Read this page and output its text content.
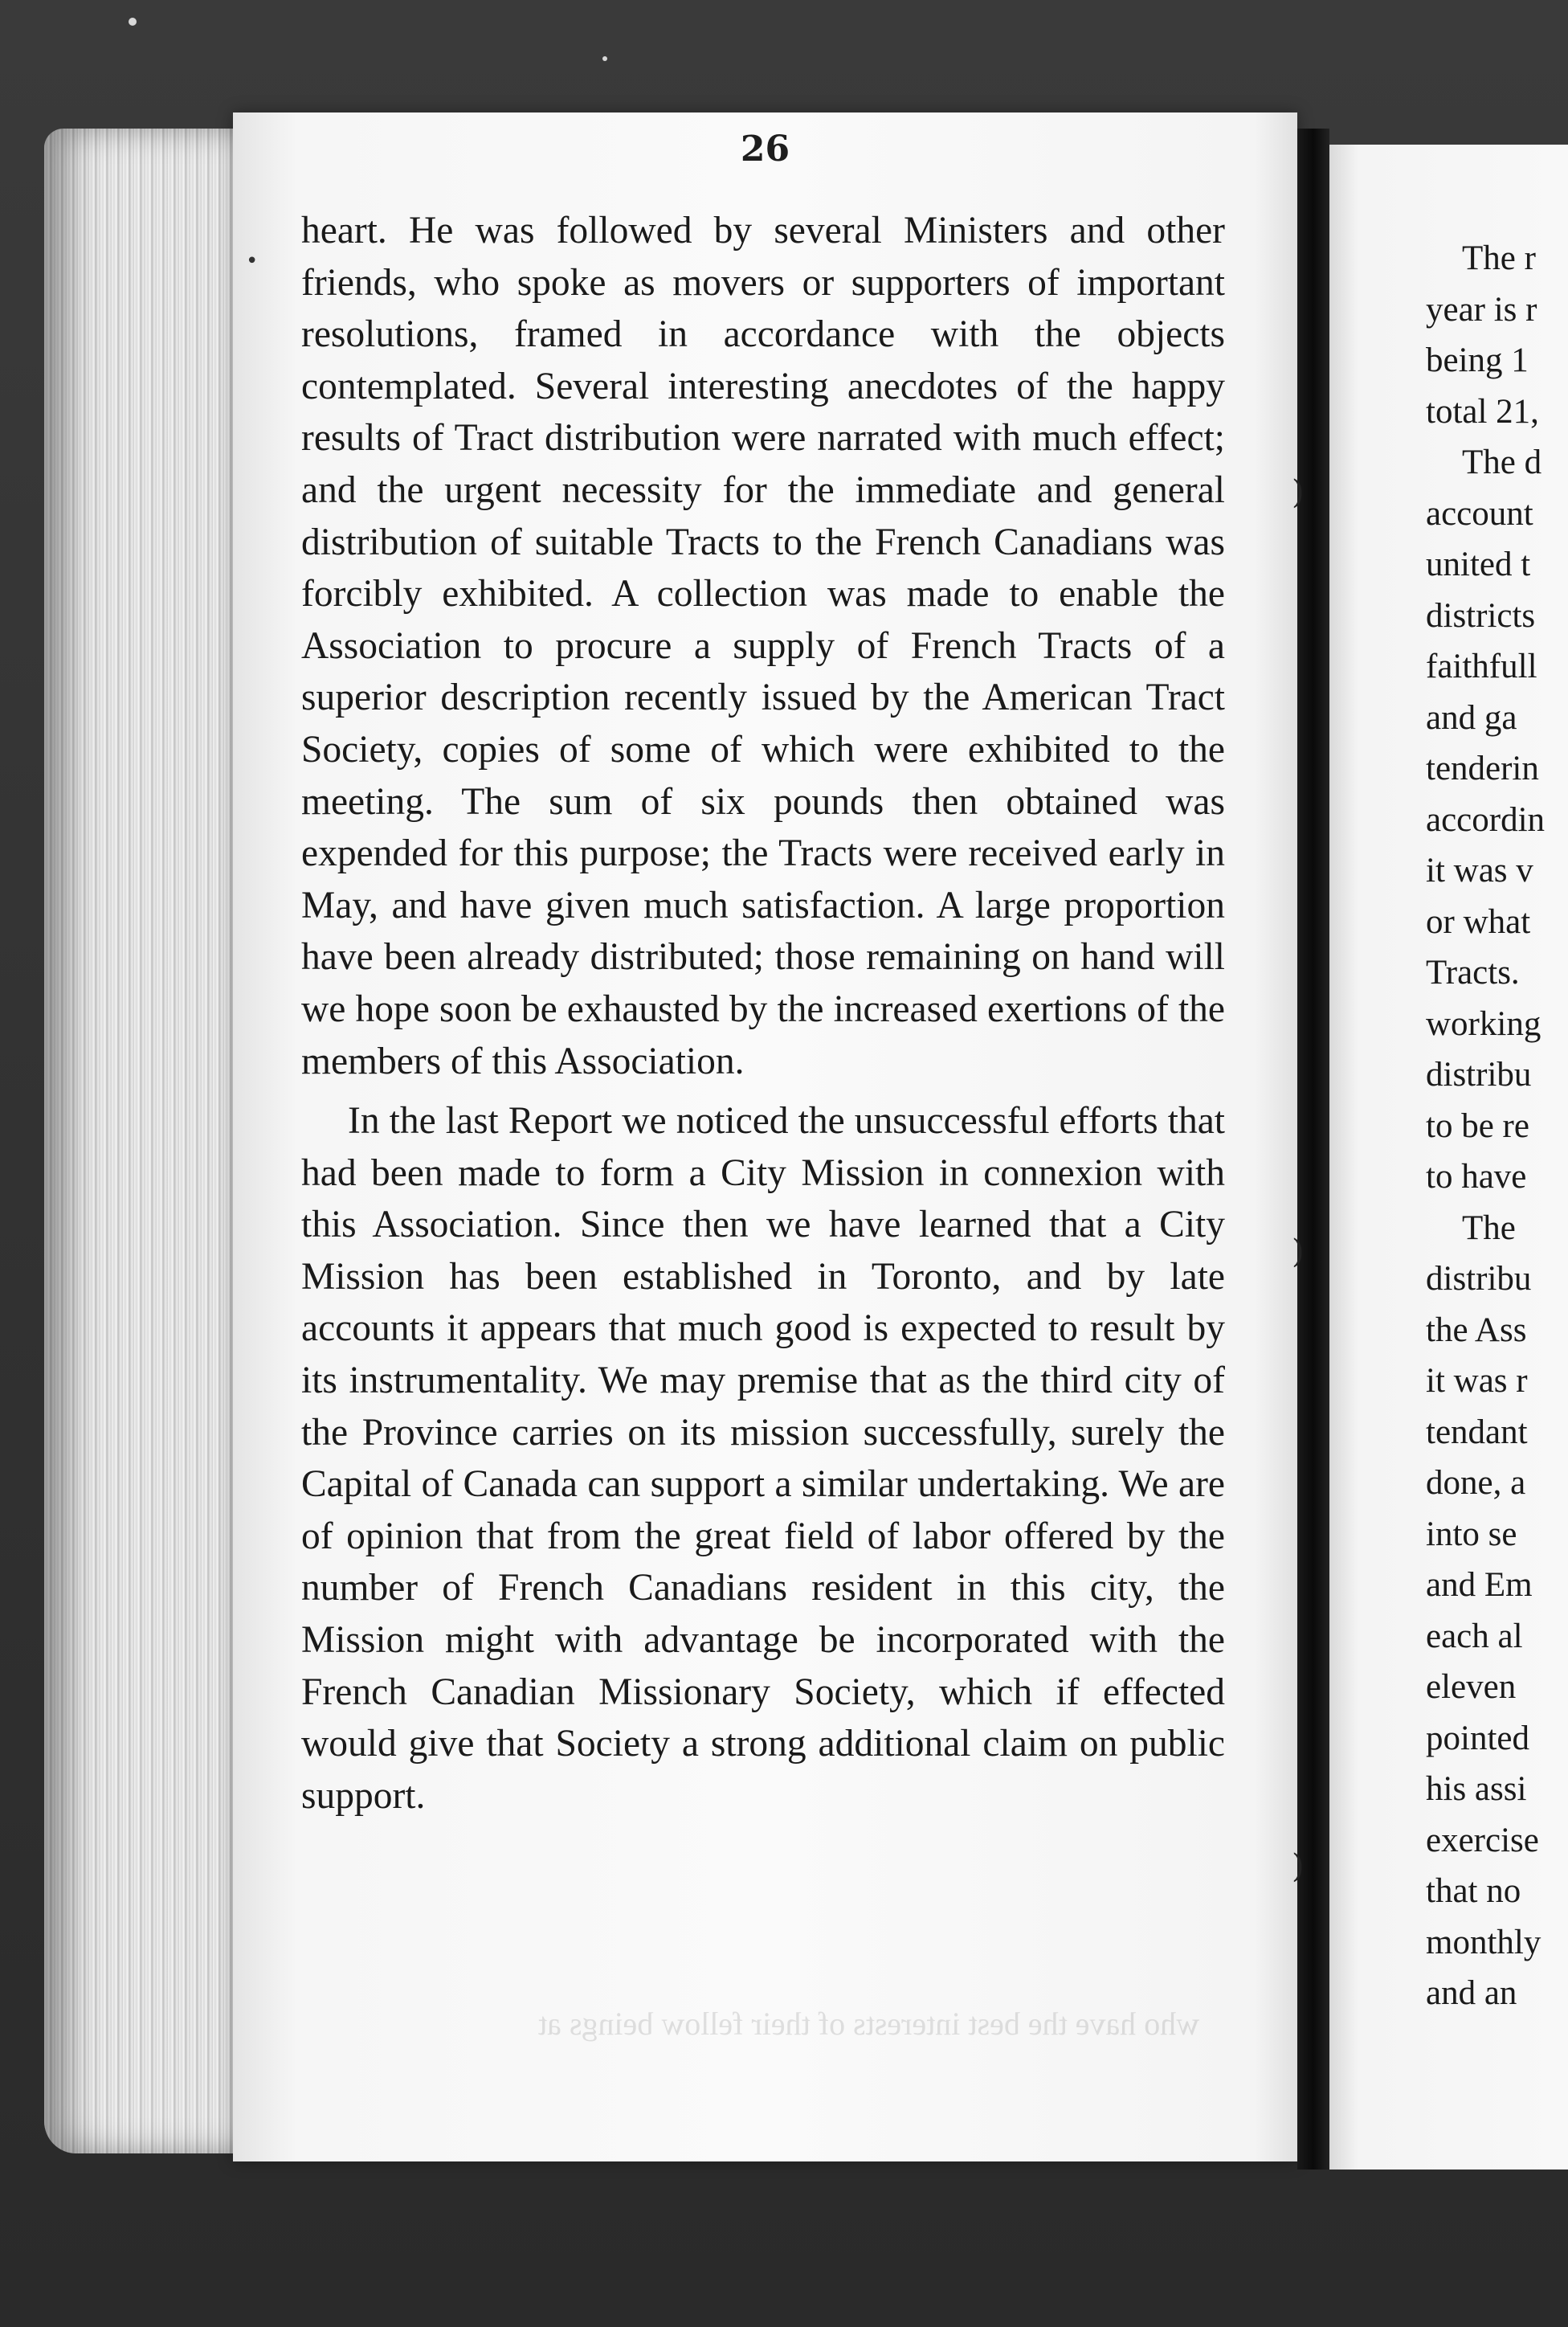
26
•

heart. He was followed by several Ministers and other friends, who spoke as movers or supporters of important resolutions, framed in accordance with the objects contemplated. Several interesting anecdotes of the happy results of Tract distribution were narrated with much effect; and the urgent necessity for the immediate and general distribution of suitable Tracts to the French Canadians was forcibly exhibited. A collection was made to enable the Association to procure a supply of French Tracts of a superior description recently issued by the American Tract Society, copies of some of which were exhibited to the meeting. The sum of six pounds then obtained was expended for this purpose; the Tracts were received early in May, and have given much satisfaction. A large proportion have been already distributed; those remaining on hand will we hope soon be exhausted by the increased exertions of the members of this Association.

In the last Report we noticed the unsuccessful efforts that had been made to form a City Mission in connexion with this Association. Since then we have learned that a City Mission has been established in Toronto, and by late accounts it appears that much good is expected to result by its instrumentality. We may premise that as the third city of the Province carries on its mission successfully, surely the Capital of Canada can support a similar undertaking. We are of opinion that from the great field of labor offered by the number of French Canadians resident in this city, the Mission might with advantage be incorporated with the French Canadian Missionary Society, which if effected would give that Society a strong additional claim on public support.

who have the best interests of their fellow beings at
The r
year is r
being 1
total 21,
The d
account
united t
districts
faithfull
and ga
tenderin
accordin
it was v
or what
Tracts.
working
distribu
to be re
to have
The
distribu
the Ass
it was r
tendant
done, a
into se
and Em
each al
eleven
pointed
his assi
exercise
that no
monthly
and an
)
)
)
